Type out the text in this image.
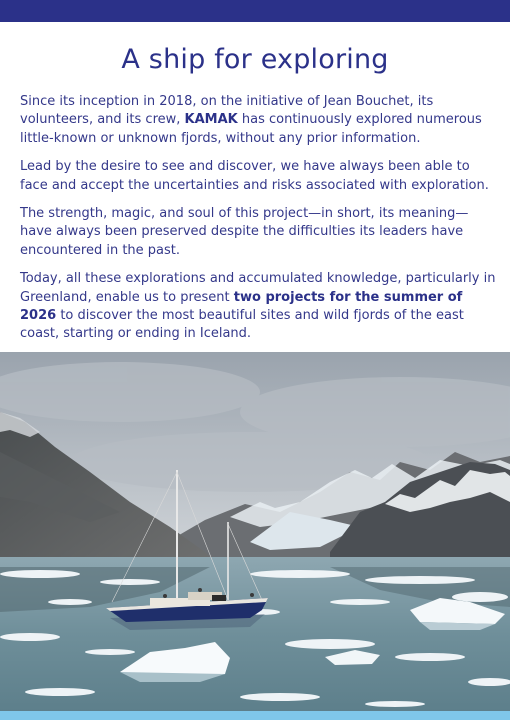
A ship for exploring

Since its inception in 2018, on the initiative of Jean Bouchet, its volunteers, and its crew, KAMAK has continuously explored numerous little-known or unknown fjords, without any prior information.

Lead by the desire to see and discover, we have always been able to face and accept the uncertainties and risks associated with exploration.

The strength, magic, and soul of this project—in short, its meaning—have always been preserved despite the difficulties its leaders have encountered in the past.

Today, all these explorations and accumulated knowledge, particularly in Greenland, enable us to present two projects for the summer of 2026 to discover the most beautiful sites and wild fjords of the east coast, starting or ending in Iceland.
